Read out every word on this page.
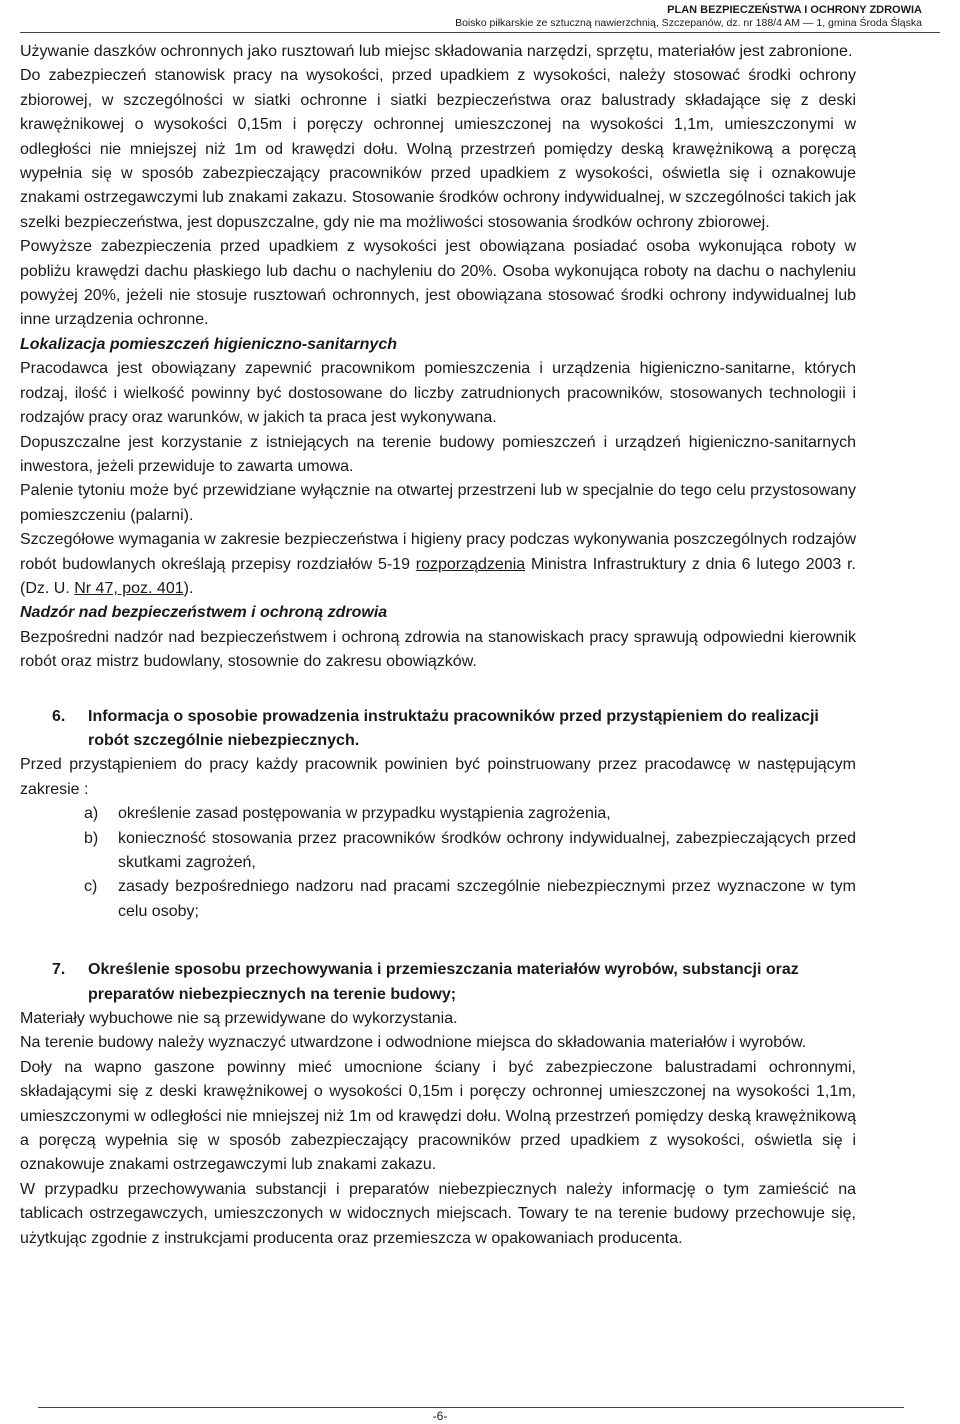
PLAN BEZPIECZEŃSTWA I OCHRONY ZDROWIA
Boisko piłkarskie ze sztuczną nawierzchnią, Szczepanów, dz. nr 188/4 AM — 1, gmina Środa Śląska

Używanie daszków ochronnych jako rusztowań lub miejsc składowania narzędzi, sprzętu, materiałów jest zabronione.

Do zabezpieczeń stanowisk pracy na wysokości, przed upadkiem z wysokości, należy stosować środki ochrony zbiorowej, w szczególności w siatki ochronne i siatki bezpieczeństwa oraz balustrady składające się z deski krawężnikowej o wysokości 0,15m i poręczy ochronnej umieszczonej na wysokości 1,1m, umieszczonymi w odległości nie mniejszej niż 1m od krawędzi dołu. Wolną przestrzeń pomiędzy deską krawężnikową a poręczą wypełnia się w sposób zabezpieczający pracowników przed upadkiem z wysokości, oświetla się i oznakowuje znakami ostrzegawczymi lub znakami zakazu. Stosowanie środków ochrony indywidualnej, w szczególności takich jak szelki bezpieczeństwa, jest dopuszczalne, gdy nie ma możliwości stosowania środków ochrony zbiorowej.

Powyższe zabezpieczenia przed upadkiem z wysokości jest obowiązana posiadać osoba wykonująca roboty w pobliżu krawędzi dachu płaskiego lub dachu o nachyleniu do 20%. Osoba wykonująca roboty na dachu o nachyleniu powyżej 20%, jeżeli nie stosuje rusztowań ochronnych, jest obowiązana stosować środki ochrony indywidualnej lub inne urządzenia ochronne.

Lokalizacja pomieszczeń higieniczno-sanitarnych

Pracodawca jest obowiązany zapewnić pracownikom pomieszczenia i urządzenia higieniczno-sanitarne, których rodzaj, ilość i wielkość powinny być dostosowane do liczby zatrudnionych pracowników, stosowanych technologii i rodzajów pracy oraz warunków, w jakich ta praca jest wykonywana.

Dopuszczalne jest korzystanie z istniejących na terenie budowy pomieszczeń i urządzeń higieniczno-sanitarnych inwestora, jeżeli przewiduje to zawarta umowa.

Palenie tytoniu może być przewidziane wyłącznie na otwartej przestrzeni lub w specjalnie do tego celu przystosowany pomieszczeniu (palarni).

Szczegółowe wymagania w zakresie bezpieczeństwa i higieny pracy podczas wykonywania poszczególnych rodzajów robót budowlanych określają przepisy rozdziałów 5-19 rozporządzenia Ministra Infrastruktury z dnia 6 lutego 2003 r. (Dz. U. Nr 47, poz. 401).

Nadzór nad bezpieczeństwem i ochroną zdrowia

Bezpośredni nadzór nad bezpieczeństwem i ochroną zdrowia na stanowiskach pracy sprawują odpowiedni kierownik robót oraz mistrz budowlany, stosownie do zakresu obowiązków.

6. Informacja o sposobie prowadzenia instruktażu pracowników przed przystąpieniem do realizacji robót szczególnie niebezpiecznych.

Przed przystąpieniem do pracy każdy pracownik powinien być poinstruowany przez pracodawcę w następującym zakresie :

a) określenie zasad postępowania w przypadku wystąpienia zagrożenia,
b) konieczność stosowania przez pracowników środków ochrony indywidualnej, zabezpieczających przed skutkami zagrożeń,
c) zasady bezpośredniego nadzoru nad pracami szczególnie niebezpiecznymi przez wyznaczone w tym celu osoby;

7. Określenie sposobu przechowywania i przemieszczania materiałów wyrobów, substancji oraz preparatów niebezpiecznych na terenie budowy;

Materiały wybuchowe nie są przewidywane do wykorzystania.

Na terenie budowy należy wyznaczyć utwardzone i odwodnione miejsca do składowania materiałów i wyrobów.

Doły na wapno gaszone powinny mieć umocnione ściany i być zabezpieczone balustradami ochronnymi, składającymi się z deski krawężnikowej o wysokości 0,15m i poręczy ochronnej umieszczonej na wysokości 1,1m, umieszczonymi w odległości nie mniejszej niż 1m od krawędzi dołu. Wolną przestrzeń pomiędzy deską krawężnikową a poręczą wypełnia się w sposób zabezpieczający pracowników przed upadkiem z wysokości, oświetla się i oznakowuje znakami ostrzegawczymi lub znakami zakazu.

W przypadku przechowywania substancji i preparatów niebezpiecznych należy informację o tym zamieścić na tablicach ostrzegawczych, umieszczonych w widocznych miejscach. Towary te na terenie budowy przechowuje się, użytkując zgodnie z instrukcjami producenta oraz przemieszcza w opakowaniach producenta.

-6-
